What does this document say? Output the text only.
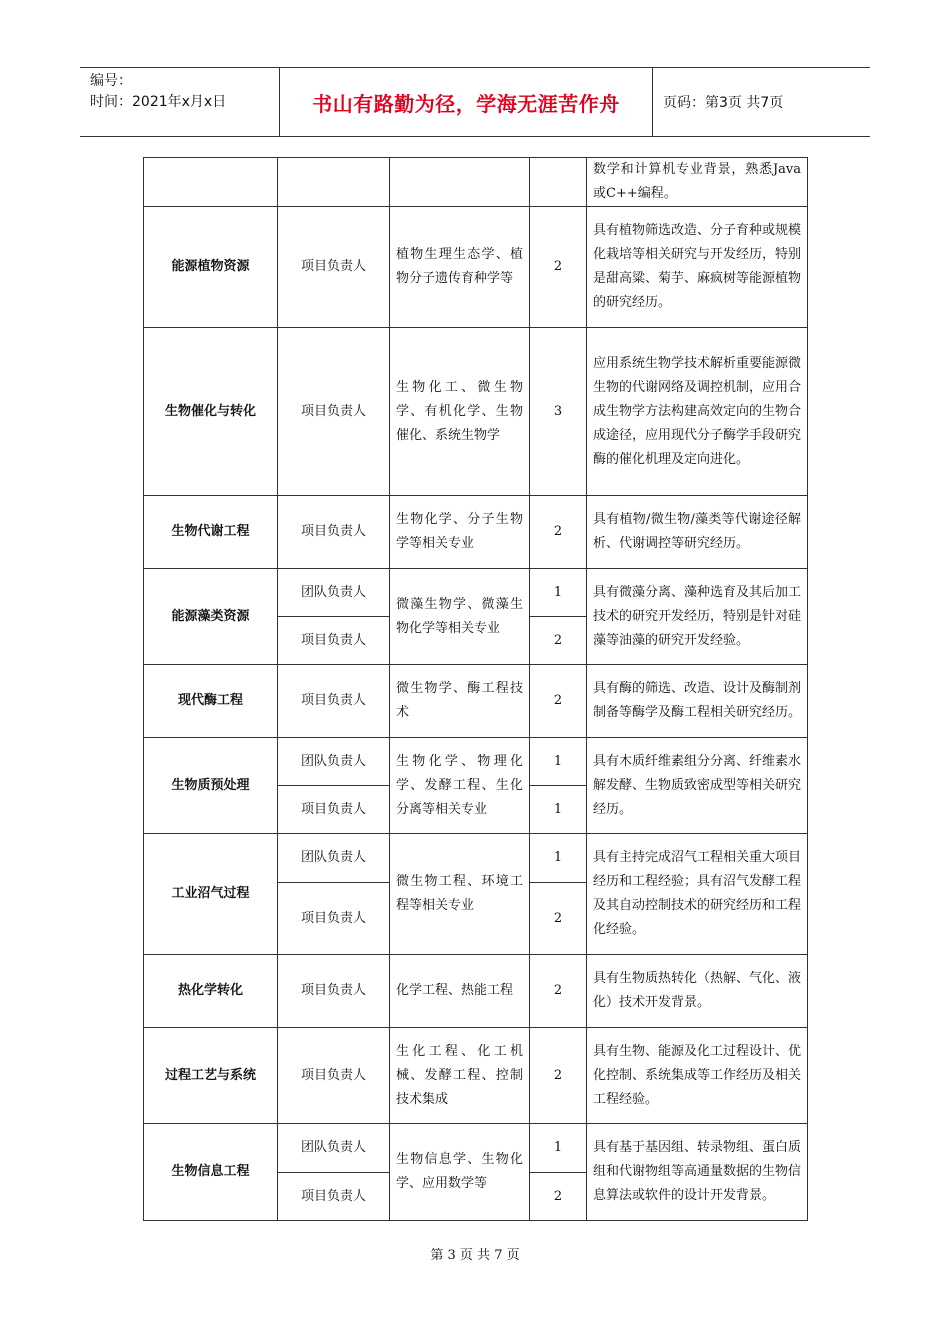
编号：
时间：2021年x月x日	书山有路勤为径，学海无涯苦作舟	页码：第3页 共7页
				数学和计算机专业背景，熟悉Java或C++编程。
能源植物资源	项目负责人	植物生理生态学、植物分子遗传育种学等	2	具有植物筛选改造、分子育种或规模化栽培等相关研究与开发经历，特别是甜高粱、菊芋、麻疯树等能源植物的研究经历。
生物催化与转化	项目负责人	生物化工、微生物学、有机化学、生物催化、系统生物学	3	应用系统生物学技术解析重要能源微生物的代谢网络及调控机制，应用合成生物学方法构建高效定向的生物合成途径，应用现代分子酶学手段研究酶的催化机理及定向进化。
生物代谢工程	项目负责人	生物化学、分子生物学等相关专业	2	具有植物/微生物/藻类等代谢途径解析、代谢调控等研究经历。
能源藻类资源	团队负责人	微藻生物学、微藻生物化学等相关专业	1	具有微藻分离、藻种选育及其后加工技术的研究开发经历，特别是针对硅藻等油藻的研究开发经验。
	项目负责人		2	
现代酶工程	项目负责人	微生物学、酶工程技术	2	具有酶的筛选、改造、设计及酶制剂制备等酶学及酶工程相关研究经历。
生物质预处理	团队负责人	生物化学、物理化学、发酵工程、生化分离等相关专业	1	具有木质纤维素组分分离、纤维素水解发酵、生物质致密成型等相关研究经历。
	项目负责人		1	
工业沼气过程	团队负责人	微生物工程、环境工程等相关专业	1	具有主持完成沼气工程相关重大项目经历和工程经验；具有沼气发酵工程及其自动控制技术的研究经历和工程化经验。
	项目负责人		2	
热化学转化	项目负责人	化学工程、热能工程	2	具有生物质热转化（热解、气化、液化）技术开发背景。
过程工艺与系统	项目负责人	生化工程、化工机械、发酵工程、控制技术集成	2	具有生物、能源及化工过程设计、优化控制、系统集成等工作经历及相关工程经验。
生物信息工程	团队负责人	生物信息学、生物化学、应用数学等	1	具有基于基因组、转录物组、蛋白质组和代谢物组等高通量数据的生物信息算法或软件的设计开发背景。
	项目负责人		2	
第 3 页 共 7 页
